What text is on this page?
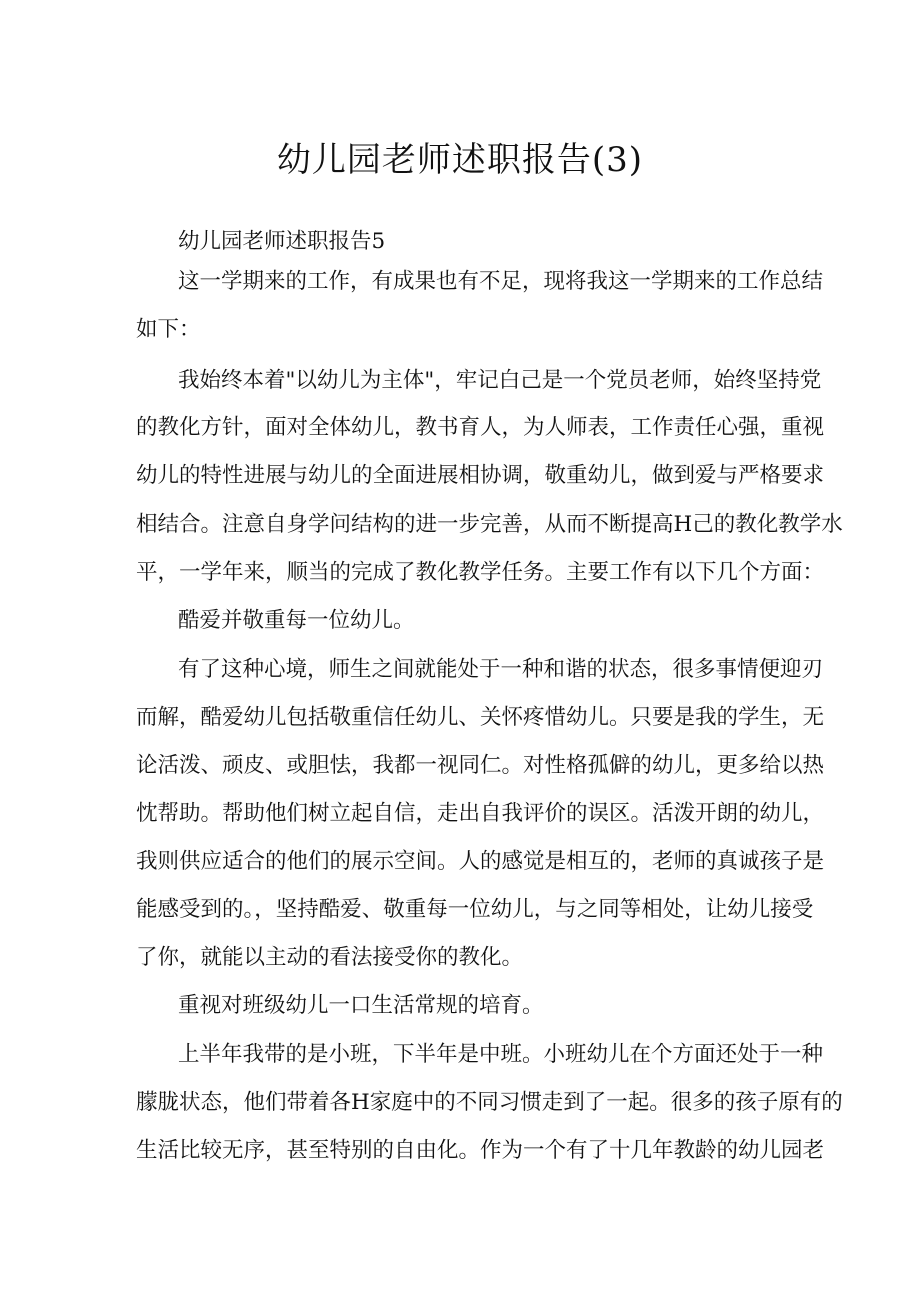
幼儿园老师述职报告(3)

幼儿园老师述职报告5

这一学期来的工作，有成果也有不足，现将我这一学期来的工作总结

如下：

我始终本着"以幼儿为主体"，牢记白己是一个党员老师，始终坚持党

的教化方针，面对全体幼儿，教书育人，为人师表，工作责任心强，重视

幼儿的特性进展与幼儿的全面进展相协调，敬重幼儿，做到爱与严格要求

相结合。注意自身学问结构的进一步完善，从而不断提高H己的教化教学水

平，一学年来，顺当的完成了教化教学任务。主要工作有以下几个方面：

酷爱并敬重每一位幼儿。

有了这种心境，师生之间就能处于一种和谐的状态，很多事情便迎刃

而解，酷爱幼儿包括敬重信任幼儿、关怀疼惜幼儿。只要是我的学生，无

论活泼、顽皮、或胆怯，我都一视同仁。对性格孤僻的幼儿，更多给以热

忱帮助。帮助他们树立起自信，走出自我评价的误区。活泼开朗的幼儿，

我则供应适合的他们的展示空间。人的感觉是相互的，老师的真诚孩子是

能感受到的。，坚持酷爱、敬重每一位幼儿，与之同等相处，让幼儿接受

了你，就能以主动的看法接受你的教化。

重视对班级幼儿一口生活常规的培育。

上半年我带的是小班，下半年是中班。小班幼儿在个方面还处于一种

朦胧状态，他们带着各H家庭中的不同习惯走到了一起。很多的孩子原有的

生活比较无序，甚至特别的自由化。作为一个有了十几年教龄的幼儿园老
